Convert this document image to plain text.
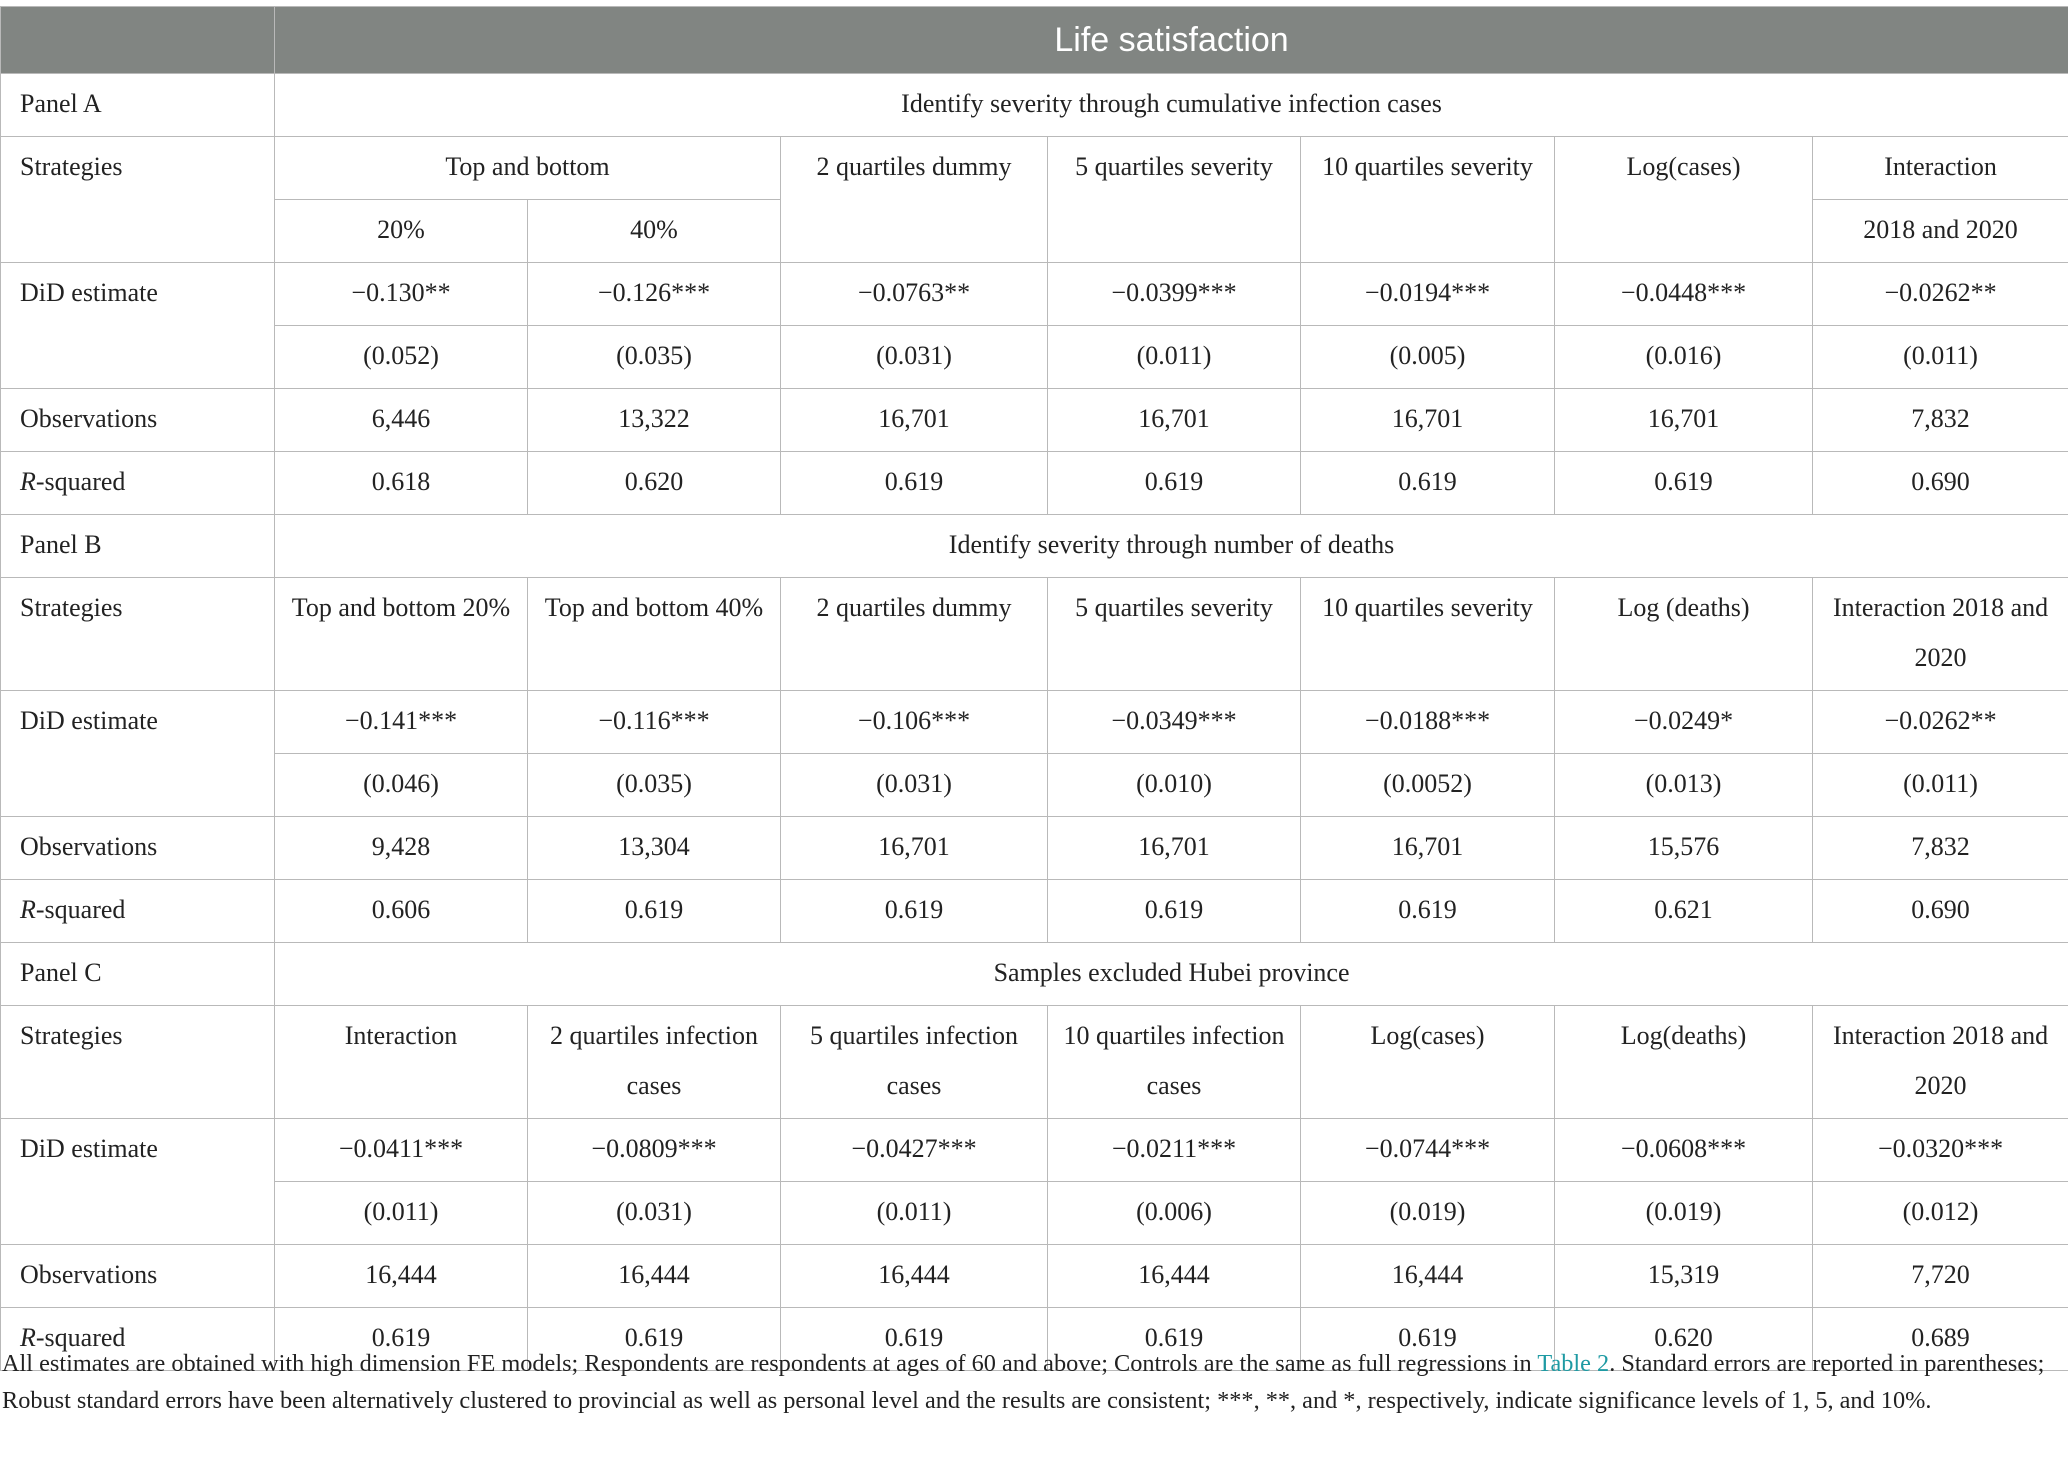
	Life satisfaction						
Panel A	Identify severity through cumulative infection cases						
Strategies	Top and bottom		2 quartiles dummy	5 quartiles severity	10 quartiles severity	Log(cases)	Interaction
	20%	40%					2018 and 2020
DiD estimate	−0.130**	−0.126***	−0.0763**	−0.0399***	−0.0194***	−0.0448***	−0.0262**
	(0.052)	(0.035)	(0.031)	(0.011)	(0.005)	(0.016)	(0.011)
Observations	6,446	13,322	16,701	16,701	16,701	16,701	7,832
R-squared	0.618	0.620	0.619	0.619	0.619	0.619	0.690
Panel B	Identify severity through number of deaths						
Strategies	Top and bottom 20%	Top and bottom 40%	2 quartiles dummy	5 quartiles severity	10 quartiles severity	Log (deaths)	Interaction 2018 and 2020
DiD estimate	−0.141***	−0.116***	−0.106***	−0.0349***	−0.0188***	−0.0249*	−0.0262**
	(0.046)	(0.035)	(0.031)	(0.010)	(0.0052)	(0.013)	(0.011)
Observations	9,428	13,304	16,701	16,701	16,701	15,576	7,832
R-squared	0.606	0.619	0.619	0.619	0.619	0.621	0.690
Panel C	Samples excluded Hubei province						
Strategies	Interaction	2 quartiles infection cases	5 quartiles infection cases	10 quartiles infection cases	Log(cases)	Log(deaths)	Interaction 2018 and 2020
DiD estimate	−0.0411***	−0.0809***	−0.0427***	−0.0211***	−0.0744***	−0.0608***	−0.0320***
	(0.011)	(0.031)	(0.011)	(0.006)	(0.019)	(0.019)	(0.012)
Observations	16,444	16,444	16,444	16,444	16,444	15,319	7,720
R-squared	0.619	0.619	0.619	0.619	0.619	0.620	0.689
All estimates are obtained with high dimension FE models; Respondents are respondents at ages of 60 and above; Controls are the same as full regressions in Table 2. Standard errors are reported in parentheses; Robust standard errors have been alternatively clustered to provincial as well as personal level and the results are consistent; ***, **, and *, respectively, indicate significance levels of 1, 5, and 10%.
